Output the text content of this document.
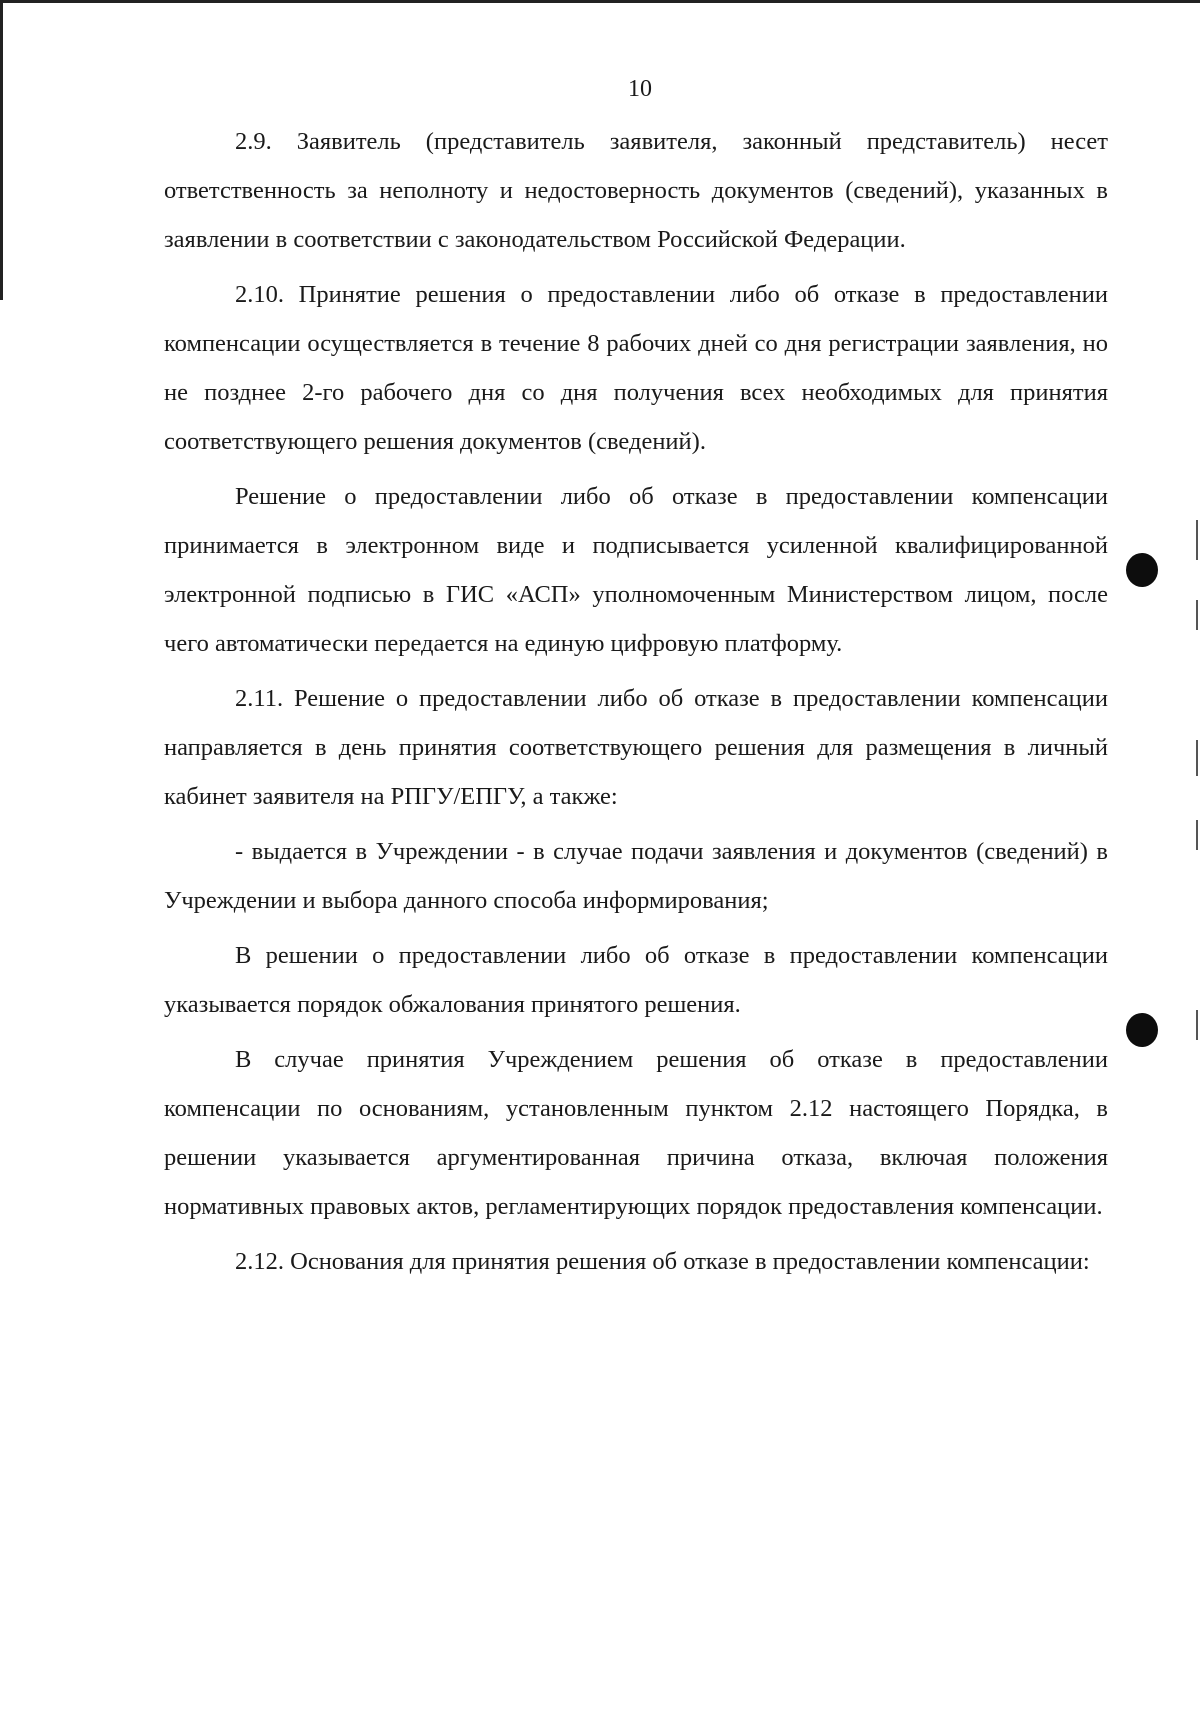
10

2.9. Заявитель (представитель заявителя, законный представитель) несет ответственность за неполноту и недостоверность документов (сведений), указанных в заявлении в соответствии с законодательством Российской Федерации.

2.10. Принятие решения о предоставлении либо об отказе в предоставлении компенсации осуществляется в течение 8 рабочих дней со дня регистрации заявления, но не позднее 2-го рабочего дня со дня получения всех необходимых для принятия соответствующего решения документов (сведений).

Решение о предоставлении либо об отказе в предоставлении компенсации принимается в электронном виде и подписывается усиленной квалифицированной электронной подписью в ГИС «АСП» уполномоченным Министерством лицом, после чего автоматически передается на единую цифровую платформу.

2.11. Решение о предоставлении либо об отказе в предоставлении компенсации направляется в день принятия соответствующего решения для размещения в личный кабинет заявителя на РПГУ/ЕПГУ, а также:

- выдается в Учреждении - в случае подачи заявления и документов (сведений) в Учреждении и выбора данного способа информирования;

В решении о предоставлении либо об отказе в предоставлении компенсации указывается порядок обжалования принятого решения.

В случае принятия Учреждением решения об отказе в предоставлении компенсации по основаниям, установленным пунктом 2.12 настоящего Порядка, в решении указывается аргументированная причина отказа, включая положения нормативных правовых актов, регламентирующих порядок предоставления компенсации.

2.12. Основания для принятия решения об отказе в предоставлении компенсации:
